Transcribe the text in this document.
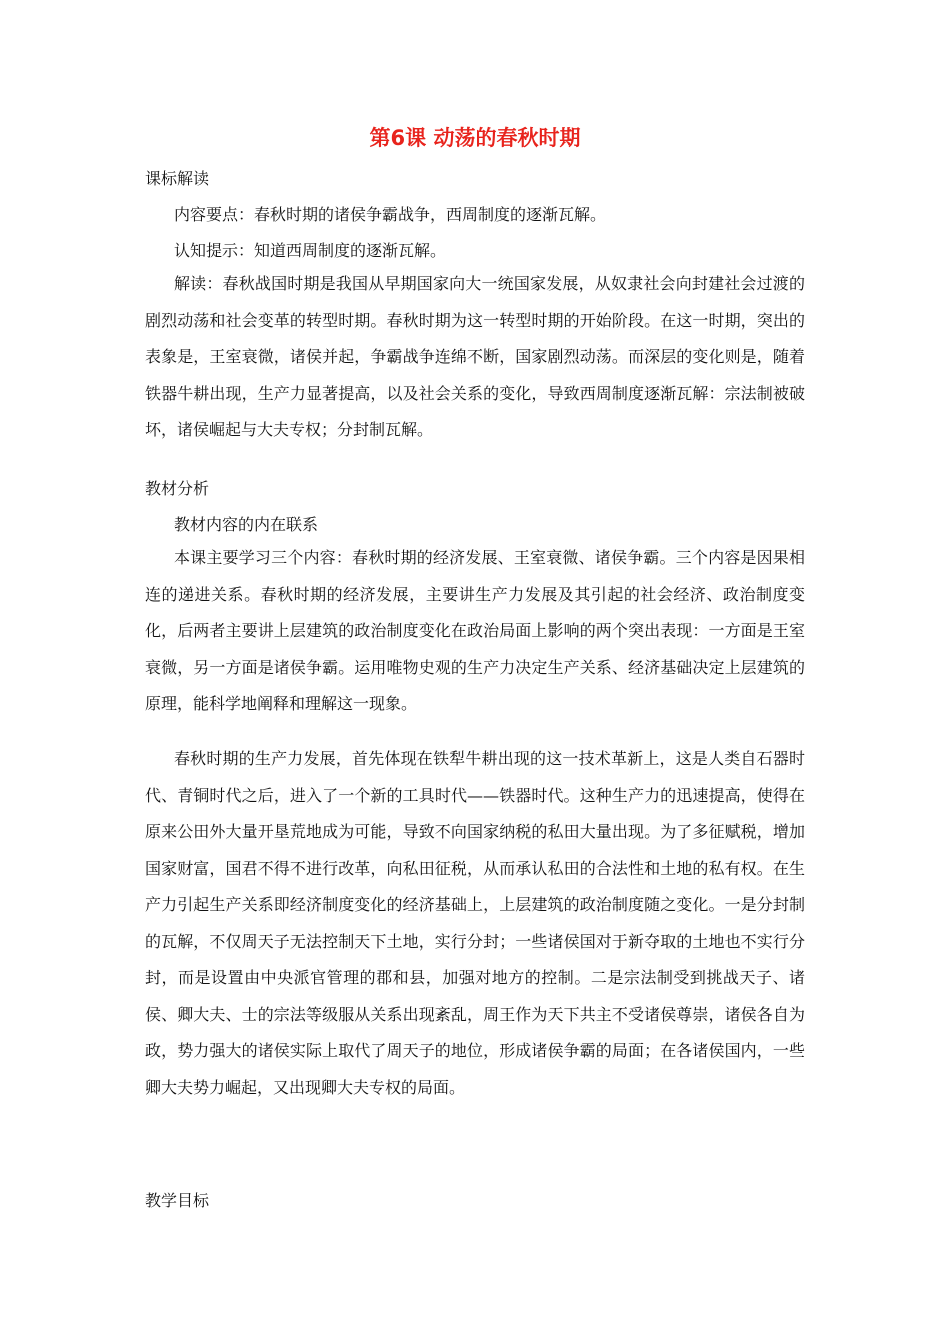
第6课 动荡的春秋时期
课标解读
内容要点：春秋时期的诸侯争霸战争，西周制度的逐渐瓦解。
认知提示：知道西周制度的逐渐瓦解。

解读：春秋战国时期是我国从早期国家向大一统国家发展，从奴隶社会向封建社会过渡的剧烈动荡和社会变革的转型时期。春秋时期为这一转型时期的开始阶段。在这一时期，突出的表象是，王室衰微，诸侯并起，争霸战争连绵不断，国家剧烈动荡。而深层的变化则是，随着铁器牛耕出现，生产力显著提高，以及社会关系的变化，导致西周制度逐渐瓦解：宗法制被破坏，诸侯崛起与大夫专权；分封制瓦解。

教材分析
教材内容的内在联系

本课主要学习三个内容：春秋时期的经济发展、王室衰微、诸侯争霸。三个内容是因果相连的递进关系。春秋时期的经济发展，主要讲生产力发展及其引起的社会经济、政治制度变化，后两者主要讲上层建筑的政治制度变化在政治局面上影响的两个突出表现：一方面是王室衰微，另一方面是诸侯争霸。运用唯物史观的生产力决定生产关系、经济基础决定上层建筑的原理，能科学地阐释和理解这一现象。

春秋时期的生产力发展，首先体现在铁犁牛耕出现的这一技术革新上，这是人类自石器时代、青铜时代之后，进入了一个新的工具时代——铁器时代。这种生产力的迅速提高，使得在原来公田外大量开垦荒地成为可能，导致不向国家纳税的私田大量出现。为了多征赋税，增加国家财富，国君不得不进行改革，向私田征税，从而承认私田的合法性和土地的私有权。在生产力引起生产关系即经济制度变化的经济基础上，上层建筑的政治制度随之变化。一是分封制的瓦解，不仅周天子无法控制天下土地，实行分封；一些诸侯国对于新夺取的土地也不实行分封，而是设置由中央派官管理的郡和县，加强对地方的控制。二是宗法制受到挑战天子、诸侯、卿大夫、士的宗法等级服从关系出现紊乱，周王作为天下共主不受诸侯尊崇，诸侯各自为政，势力强大的诸侯实际上取代了周天子的地位，形成诸侯争霸的局面；在各诸侯国内，一些卿大夫势力崛起，又出现卿大夫专权的局面。

教学目标
